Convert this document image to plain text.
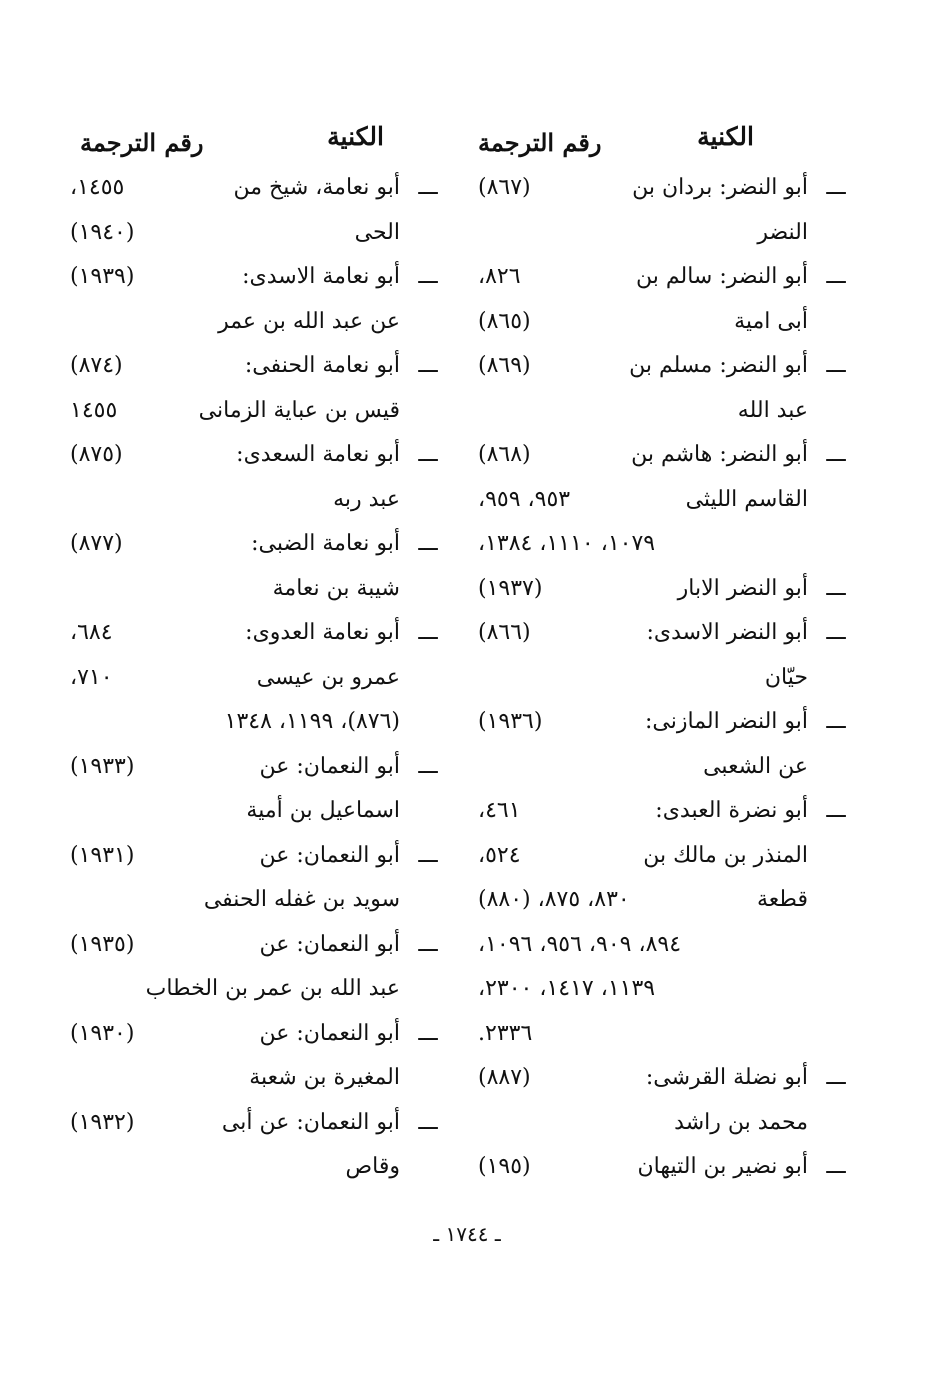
الكنية
رقم الترجمة
ـــأبو النضر: بردان بن
(٨٦٧)
النضر
ـــأبو النضر: سالم بن
٨٢٦،
أبى امية
(٨٦٥)
ـــأبو النضر: مسلم بن
(٨٦٩)
عبد الله
ـــأبو النضر: هاشم بن
(٨٦٨)
القاسم الليثى
٩٥٣، ٩٥٩،
١٠٧٩، ١١١٠، ١٣٨٤،
ـــأبو النضر الابار
(١٩٣٧)
ـــأبو النضر الاسدى:
(٨٦٦)
حيّان
ـــأبو النضر المازنى:
(١٩٣٦)
عن الشعبى
ـــأبو نضرة العبدى:
٤٦١،
المنذر بن مالك بن
٥٢٤،
قطعة
٨٣٠، ٨٧٥، (٨٨٠)
٨٩٤، ٩٠٩، ٩٥٦، ١٠٩٦،
١١٣٩، ١٤١٧، ٢٣٠٠،
٢٣٣٦.
ـــأبو نضلة القرشى:
(٨٨٧)
محمد بن راشد
ـــأبو نضير بن التيهان
(١٩٥)
الكنية
رقم الترجمة
ـــأبو نعامة، شيخ من
١٤٥٥،
الحى
(١٩٤٠)
ـــأبو نعامة الاسدى:
(١٩٣٩)
عن عبد الله بن عمر
ـــأبو نعامة الحنفى:
(٨٧٤)
قيس بن عباية الزمانى
١٤٥٥
ـــأبو نعامة السعدى:
(٨٧٥)
عبد ربه
ـــأبو نعامة الضبى:
(٨٧٧)
شيبة بن نعامة
ـــأبو نعامة العدوى:
٦٨٤،
عمرو بن عيسى
٧١٠،
(٨٧٦)، ١١٩٩، ١٣٤٨
ـــأبو النعمان: عن
(١٩٣٣)
اسماعيل بن أمية
ـــأبو النعمان: عن
(١٩٣١)
سويد بن غفله الحنفى
ـــأبو النعمان: عن
(١٩٣٥)
عبد الله بن عمر بن الخطاب
ـــأبو النعمان: عن
(١٩٣٠)
المغيرة بن شعبة
ـــأبو النعمان: عن أبى
(١٩٣٢)
وقاص
ـ ١٧٤٤ ـ
